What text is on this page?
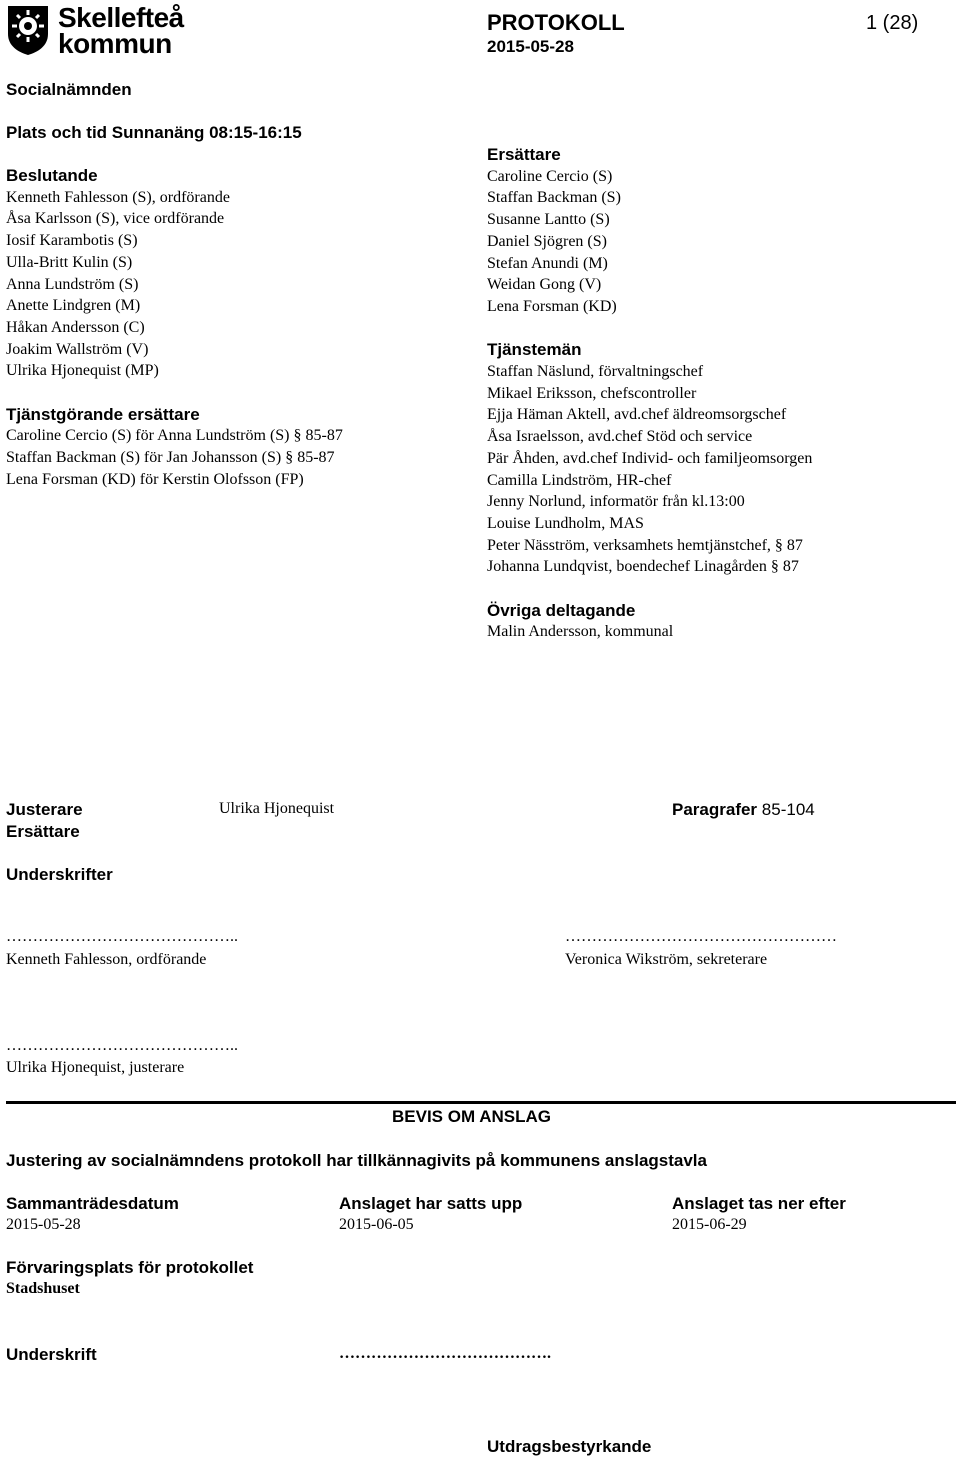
Skellefteå
kommun
PROTOKOLL
2015-05-28
1 (28)
Socialnämnden
Plats och tid Sunnanäng 08:15-16:15
Beslutande
Kenneth Fahlesson (S), ordförande
Åsa Karlsson (S), vice ordförande
Iosif Karambotis (S)
Ulla-Britt Kulin (S)
Anna Lundström (S)
Anette Lindgren (M)
Håkan Andersson (C)
Joakim Wallström (V)
Ulrika Hjonequist (MP)
Tjänstgörande ersättare
Caroline Cercio (S) för Anna Lundström (S) § 85-87
Staffan Backman (S) för Jan Johansson (S) § 85-87
Lena Forsman (KD) för Kerstin Olofsson (FP)
Ersättare
Caroline Cercio (S)
Staffan Backman (S)
Susanne Lantto (S)
Daniel Sjögren (S)
Stefan Anundi (M)
Weidan Gong (V)
Lena Forsman (KD)
Tjänstemän
Staffan Näslund, förvaltningschef
Mikael Eriksson, chefscontroller
Ejja Häman Aktell, avd.chef äldreomsorgschef
Åsa Israelsson, avd.chef Stöd och service
Pär Åhden, avd.chef Individ- och familjeomsorgen
Camilla Lindström, HR-chef
Jenny Norlund, informatör från kl.13:00
Louise Lundholm, MAS
Peter Näsström, verksamhets hemtjänstchef, § 87
Johanna Lundqvist, boendechef Linagården § 87
Övriga deltagande
Malin Andersson, kommunal
Justerare	Ulrika Hjonequist	Paragrafer 85-104
Ersättare
Underskrifter
……………………………………..
Kenneth Fahlesson, ordförande
……………………………………………
Veronica Wikström, sekreterare
……………………………………..
Ulrika Hjonequist, justerare
BEVIS OM ANSLAG
Justering av socialnämndens protokoll har tillkännagivits på kommunens anslagstavla
Sammanträdesdatum
2015-05-28
Anslaget har satts upp
2015-06-05
Anslaget tas ner efter
2015-06-29
Förvaringsplats för protokollet
Stadshuset
Underskrift	………………………………….
Utdragsbestyrkande
